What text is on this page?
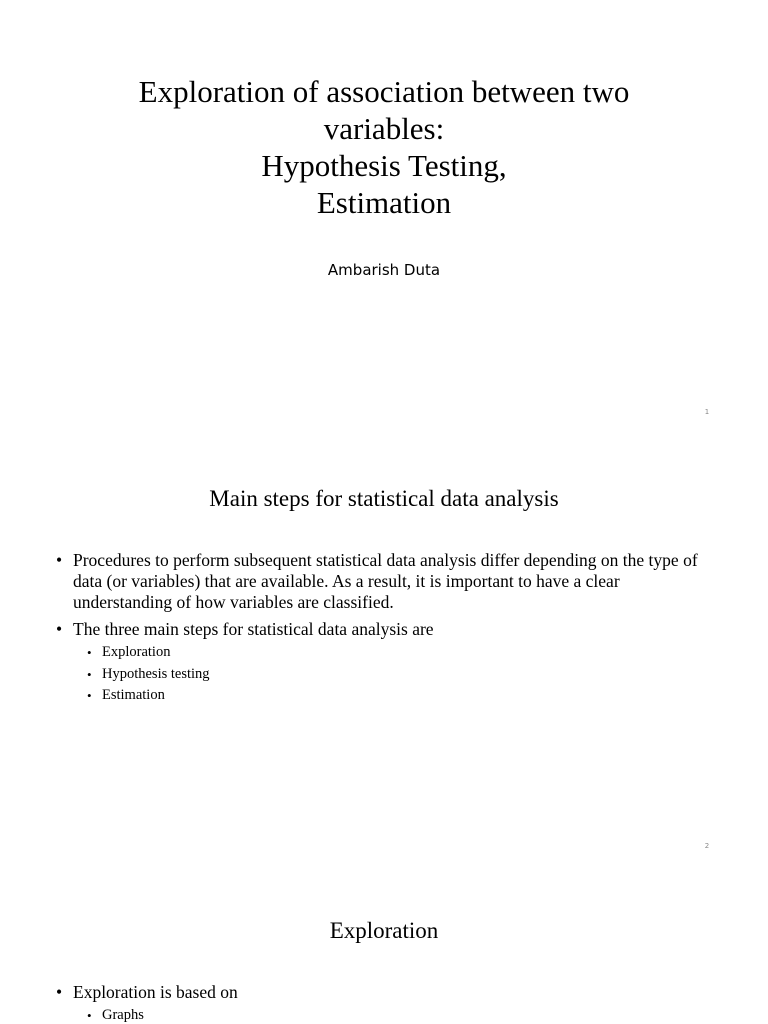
Exploration of association between two
variables:
Hypothesis Testing,
Estimation
Ambarish Duta
1
Main steps for statistical data analysis
• Procedures to perform subsequent statistical data analysis differ depending on the type of data (or variables) that are available. As a result, it is important to have a clear understanding of how variables are classified.
• The three main steps for statistical data analysis are
• Exploration
• Hypothesis testing
• Estimation
2
Exploration
• Exploration is based on
• Graphs
